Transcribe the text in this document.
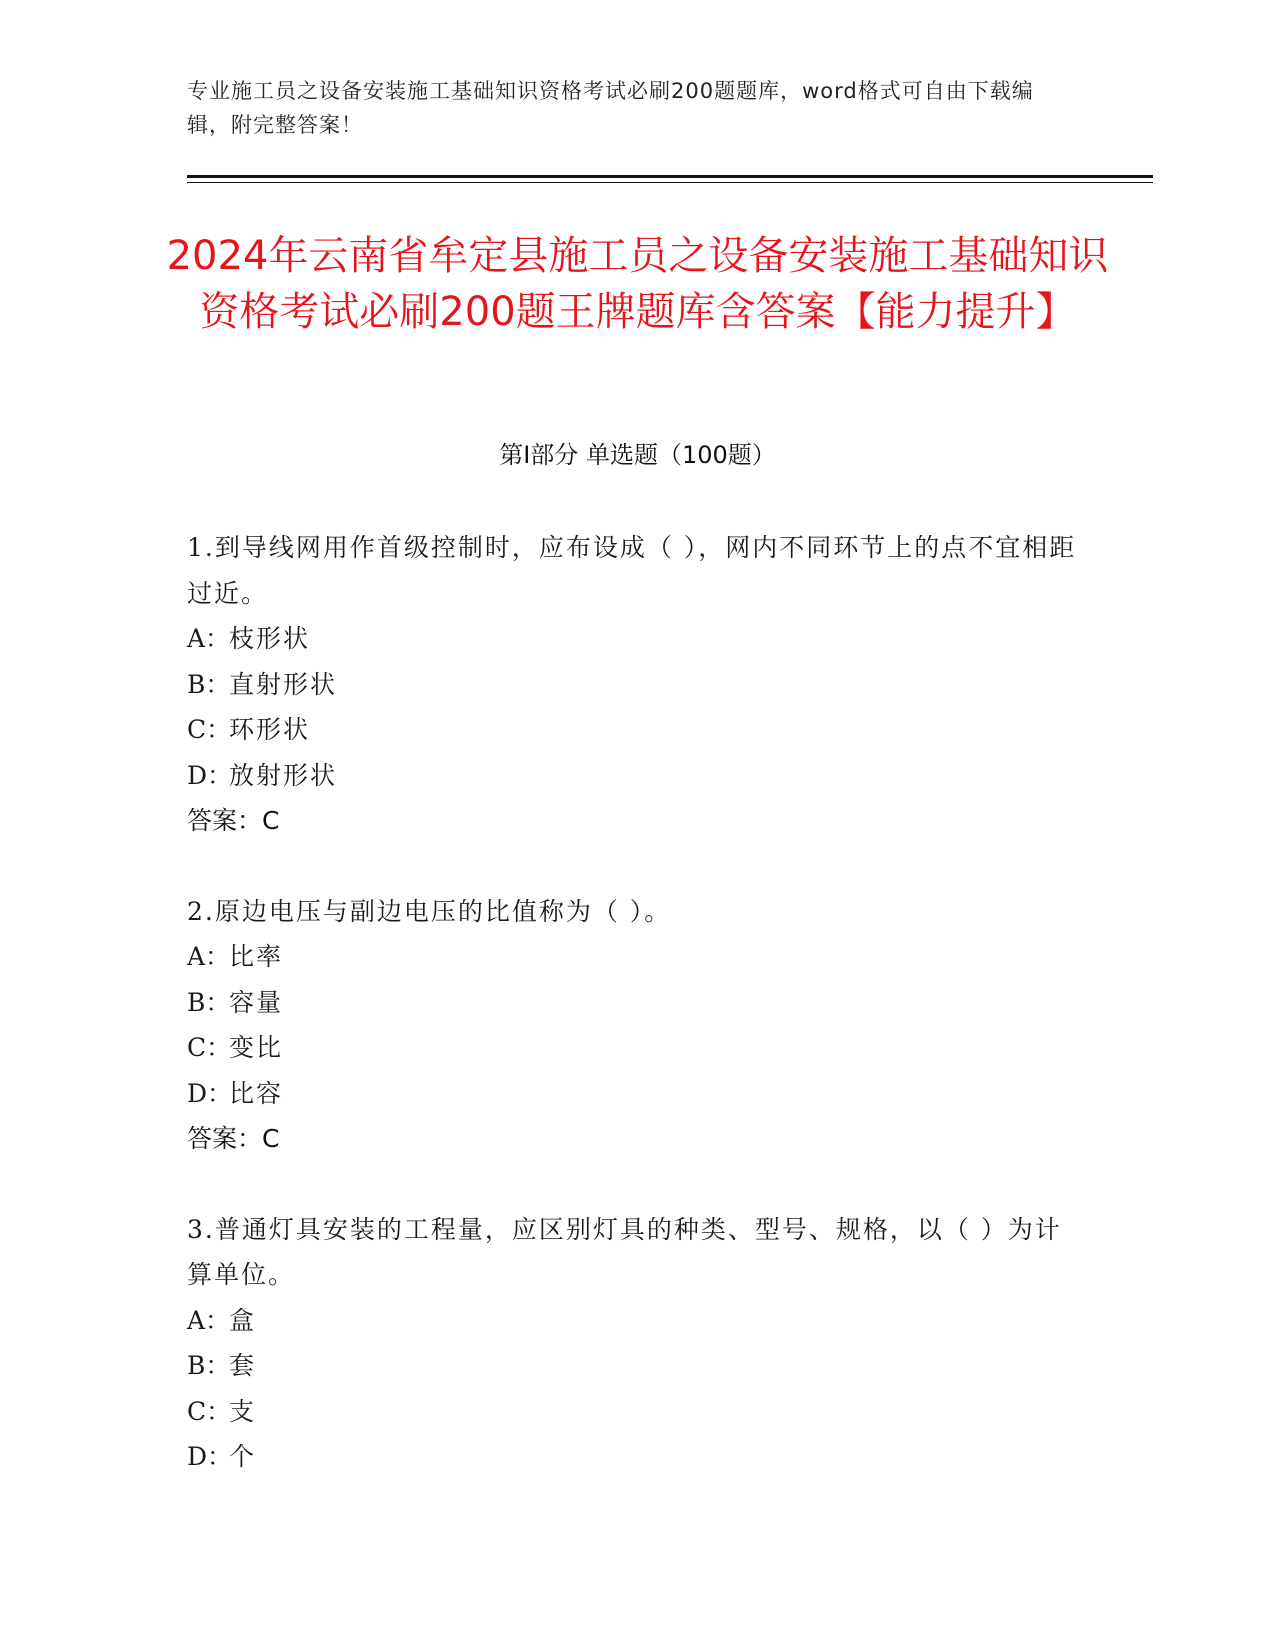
专业施工员之设备安装施工基础知识资格考试必刷200题题库，word格式可自由下载编辑，附完整答案！
2024年云南省牟定县施工员之设备安装施工基础知识资格考试必刷200题王牌题库含答案【能力提升】
第I部分 单选题（100题）
1.到导线网用作首级控制时，应布设成（ ），网内不同环节上的点不宜相距过近。
A：
枝形状
B：
直射形状
C：
环形状
D：
放射形状
答案：C
2.原边电压与副边电压的比值称为（ ）。
A：
比率
B：
容量
C：
变比
D：
比容
答案：C
3.普通灯具安装的工程量，应区别灯具的种类、型号、规格，以（ ）为计算单位。
A：
盒
B：
套
C：
支
D：
个
